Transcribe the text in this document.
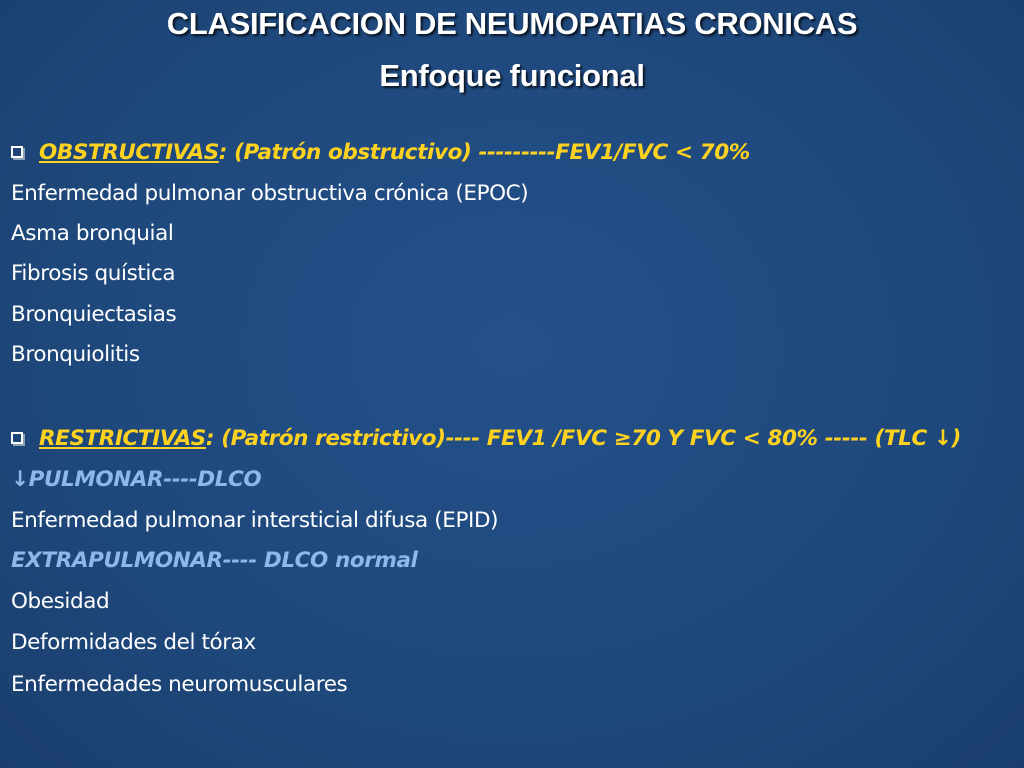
CLASIFICACION DE NEUMOPATIAS CRONICAS
Enfoque funcional
OBSTRUCTIVAS: (Patrón obstructivo) ---------FEV1/FVC < 70%
Enfermedad pulmonar obstructiva crónica (EPOC)
Asma bronquial
Fibrosis quística
Bronquiectasias
Bronquiolitis
RESTRICTIVAS: (Patrón restrictivo)---- FEV1 /FVC ≥70 Y FVC < 80% ----- (TLC ↓)
↓PULMONAR----DLCO
Enfermedad pulmonar intersticial difusa (EPID)
EXTRAPULMONAR---- DLCO normal
Obesidad
Deformidades del tórax
Enfermedades neuromusculares
